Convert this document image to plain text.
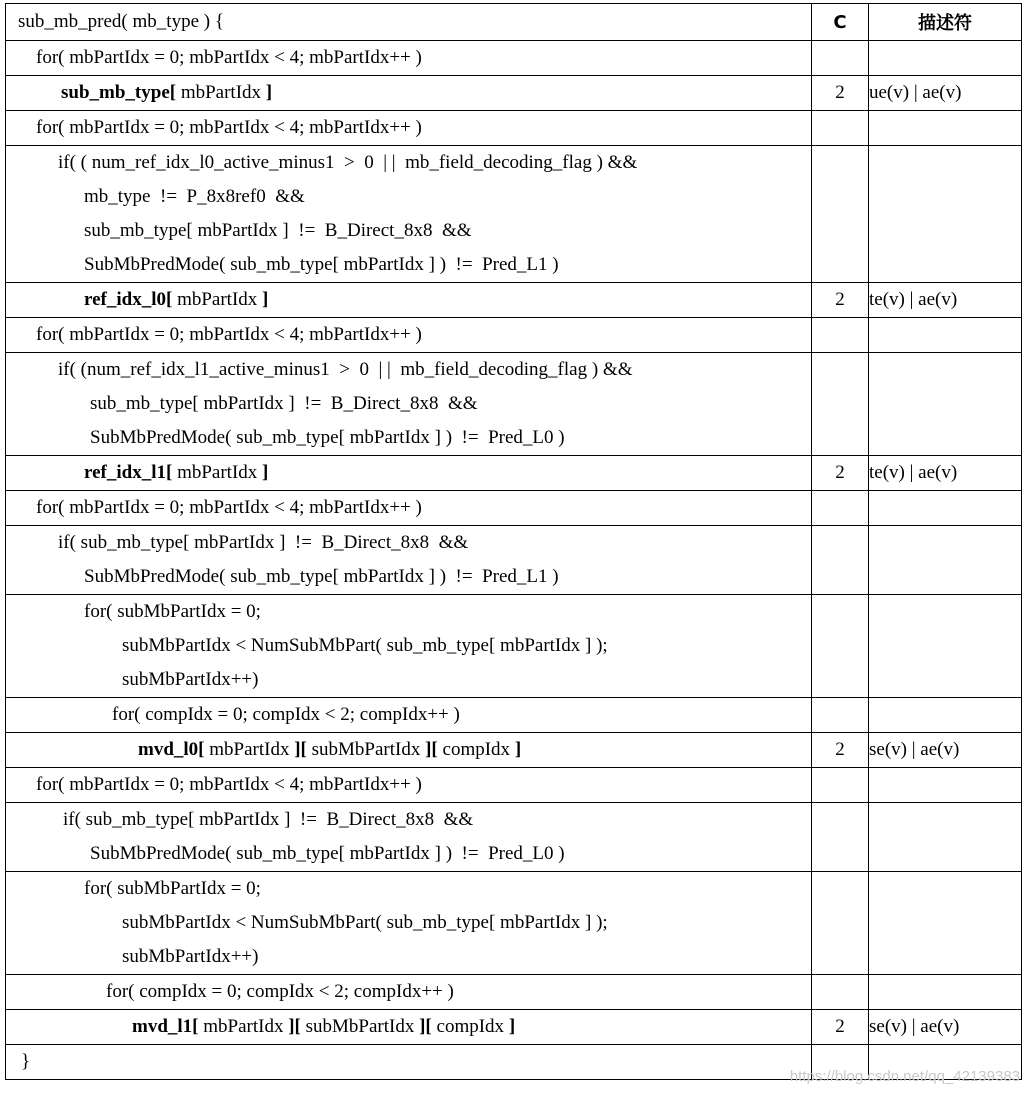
sub_mb_pred( mb_type ) {	C	描述符

for( mbPartIdx = 0; mbPartIdx < 4; mbPartIdx++ )		

sub_mb_type[ mbPartIdx ]	2	ue(v) | ae(v)

for( mbPartIdx = 0; mbPartIdx < 4; mbPartIdx++ )		

if( ( num_ref_idx_l0_active_minus1  >  0  | |  mb_field_decoding_flag ) &&
mb_type  !=  P_8x8ref0  &&
sub_mb_type[ mbPartIdx ]  !=  B_Direct_8x8  &&
SubMbPredMode( sub_mb_type[ mbPartIdx ] )  !=  Pred_L1 )		

ref_idx_l0[ mbPartIdx ]	2	te(v) | ae(v)

for( mbPartIdx = 0; mbPartIdx < 4; mbPartIdx++ )		

if( (num_ref_idx_l1_active_minus1  >  0  | |  mb_field_decoding_flag ) &&
sub_mb_type[ mbPartIdx ]  !=  B_Direct_8x8  &&
SubMbPredMode( sub_mb_type[ mbPartIdx ] )  !=  Pred_L0 )		

ref_idx_l1[ mbPartIdx ]	2	te(v) | ae(v)

for( mbPartIdx = 0; mbPartIdx < 4; mbPartIdx++ )		

if( sub_mb_type[ mbPartIdx ]  !=  B_Direct_8x8  &&
SubMbPredMode( sub_mb_type[ mbPartIdx ] )  !=  Pred_L1 )		

for( subMbPartIdx = 0;
subMbPartIdx < NumSubMbPart( sub_mb_type[ mbPartIdx ] );
subMbPartIdx++)		

for( compIdx = 0; compIdx < 2; compIdx++ )		

mvd_l0[ mbPartIdx ][ subMbPartIdx ][ compIdx ]	2	se(v) | ae(v)

for( mbPartIdx = 0; mbPartIdx < 4; mbPartIdx++ )		

if( sub_mb_type[ mbPartIdx ]  !=  B_Direct_8x8  &&
SubMbPredMode( sub_mb_type[ mbPartIdx ] )  !=  Pred_L0 )		

for( subMbPartIdx = 0;
subMbPartIdx < NumSubMbPart( sub_mb_type[ mbPartIdx ] );
subMbPartIdx++)		

for( compIdx = 0; compIdx < 2; compIdx++ )		

mvd_l1[ mbPartIdx ][ subMbPartIdx ][ compIdx ]	2	se(v) | ae(v)

}		

https://blog.csdn.net/qq_42139383
